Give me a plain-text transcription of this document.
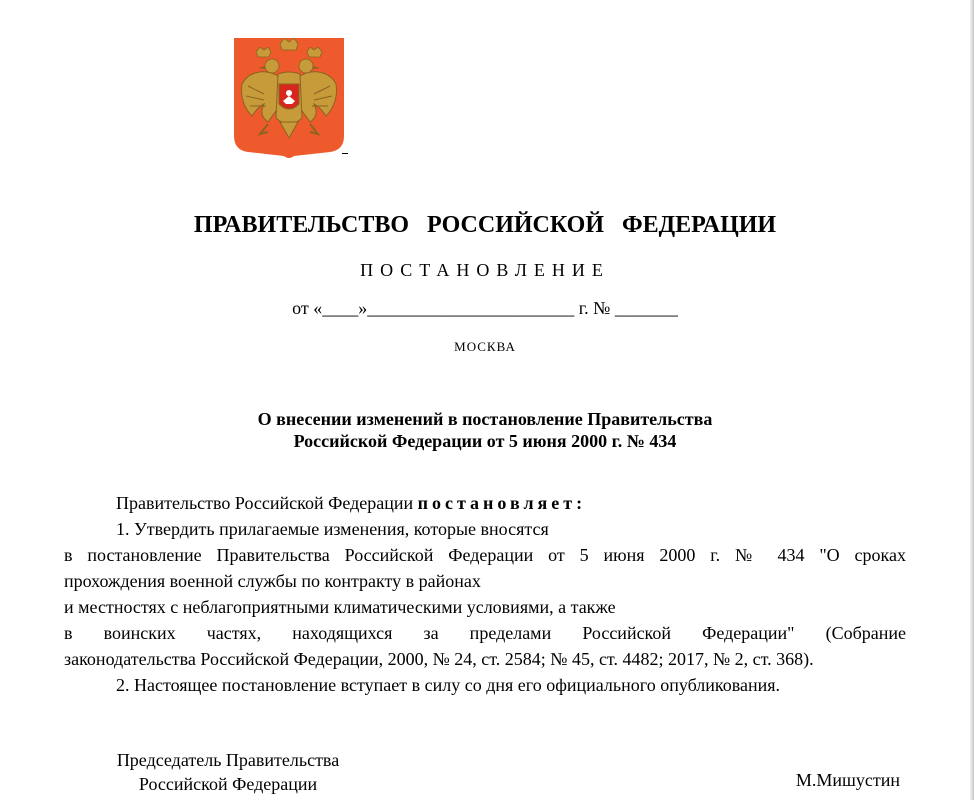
ПРАВИТЕЛЬСТВО РОССИЙСКОЙ ФЕДЕРАЦИИ
ПОСТАНОВЛЕНИЕ
от «____»_______________________ г. № _______
МОСКВА
О внесении изменений в постановление Правительства
Российской Федерации от 5 июня 2000 г. № 434

Правительство Российской Федерации постановляет:

1. Утвердить прилагаемые изменения, которые вносятся

в постановление Правительства Российской Федерации от 5 июня 2000 г. № 434 "О сроках

прохождения военной службы по контракту в районах

и местностях с неблагоприятными климатическими условиями, а также

в воинских частях, находящихся за пределами Российской Федерации" (Собрание

законодательства Российской Федерации, 2000, № 24, ст. 2584; № 45, ст. 4482; 2017, № 2, ст. 368).

2. Настоящее постановление вступает в силу со дня его официального опубликования.

Председатель Правительства
Российской Федерации	М.Мишустин
